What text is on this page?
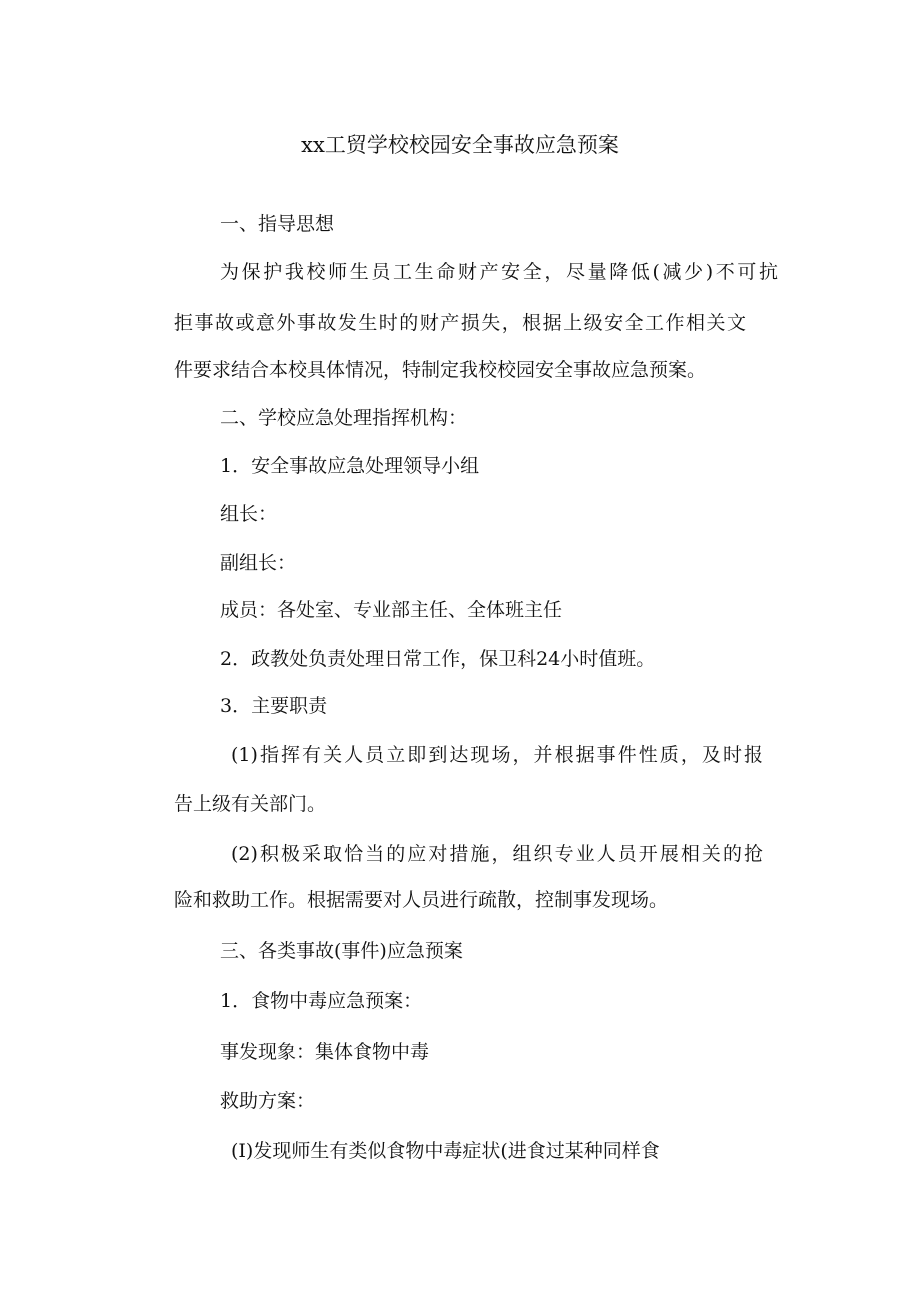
xx工贸学校校园安全事故应急预案
一、指导思想
为保护我校师生员工生命财产安全，尽量降低(减少)不可抗
拒事故或意外事故发生时的财产损失，根据上级安全工作相关文
件要求结合本校具体情况，特制定我校校园安全事故应急预案。
二、学校应急处理指挥机构：
1．安全事故应急处理领导小组
组长：
副组长：
成员：各处室、专业部主任、全体班主任
2．政教处负责处理日常工作，保卫科24小时值班。
3．主要职责
(1)指挥有关人员立即到达现场，并根据事件性质，及时报
告上级有关部门。
(2)积极采取恰当的应对措施，组织专业人员开展相关的抢
险和救助工作。根据需要对人员进行疏散，控制事发现场。
三、各类事故(事件)应急预案
1．食物中毒应急预案：
事发现象：集体食物中毒
救助方案：
(I)发现师生有类似食物中毒症状(进食过某种同样食
